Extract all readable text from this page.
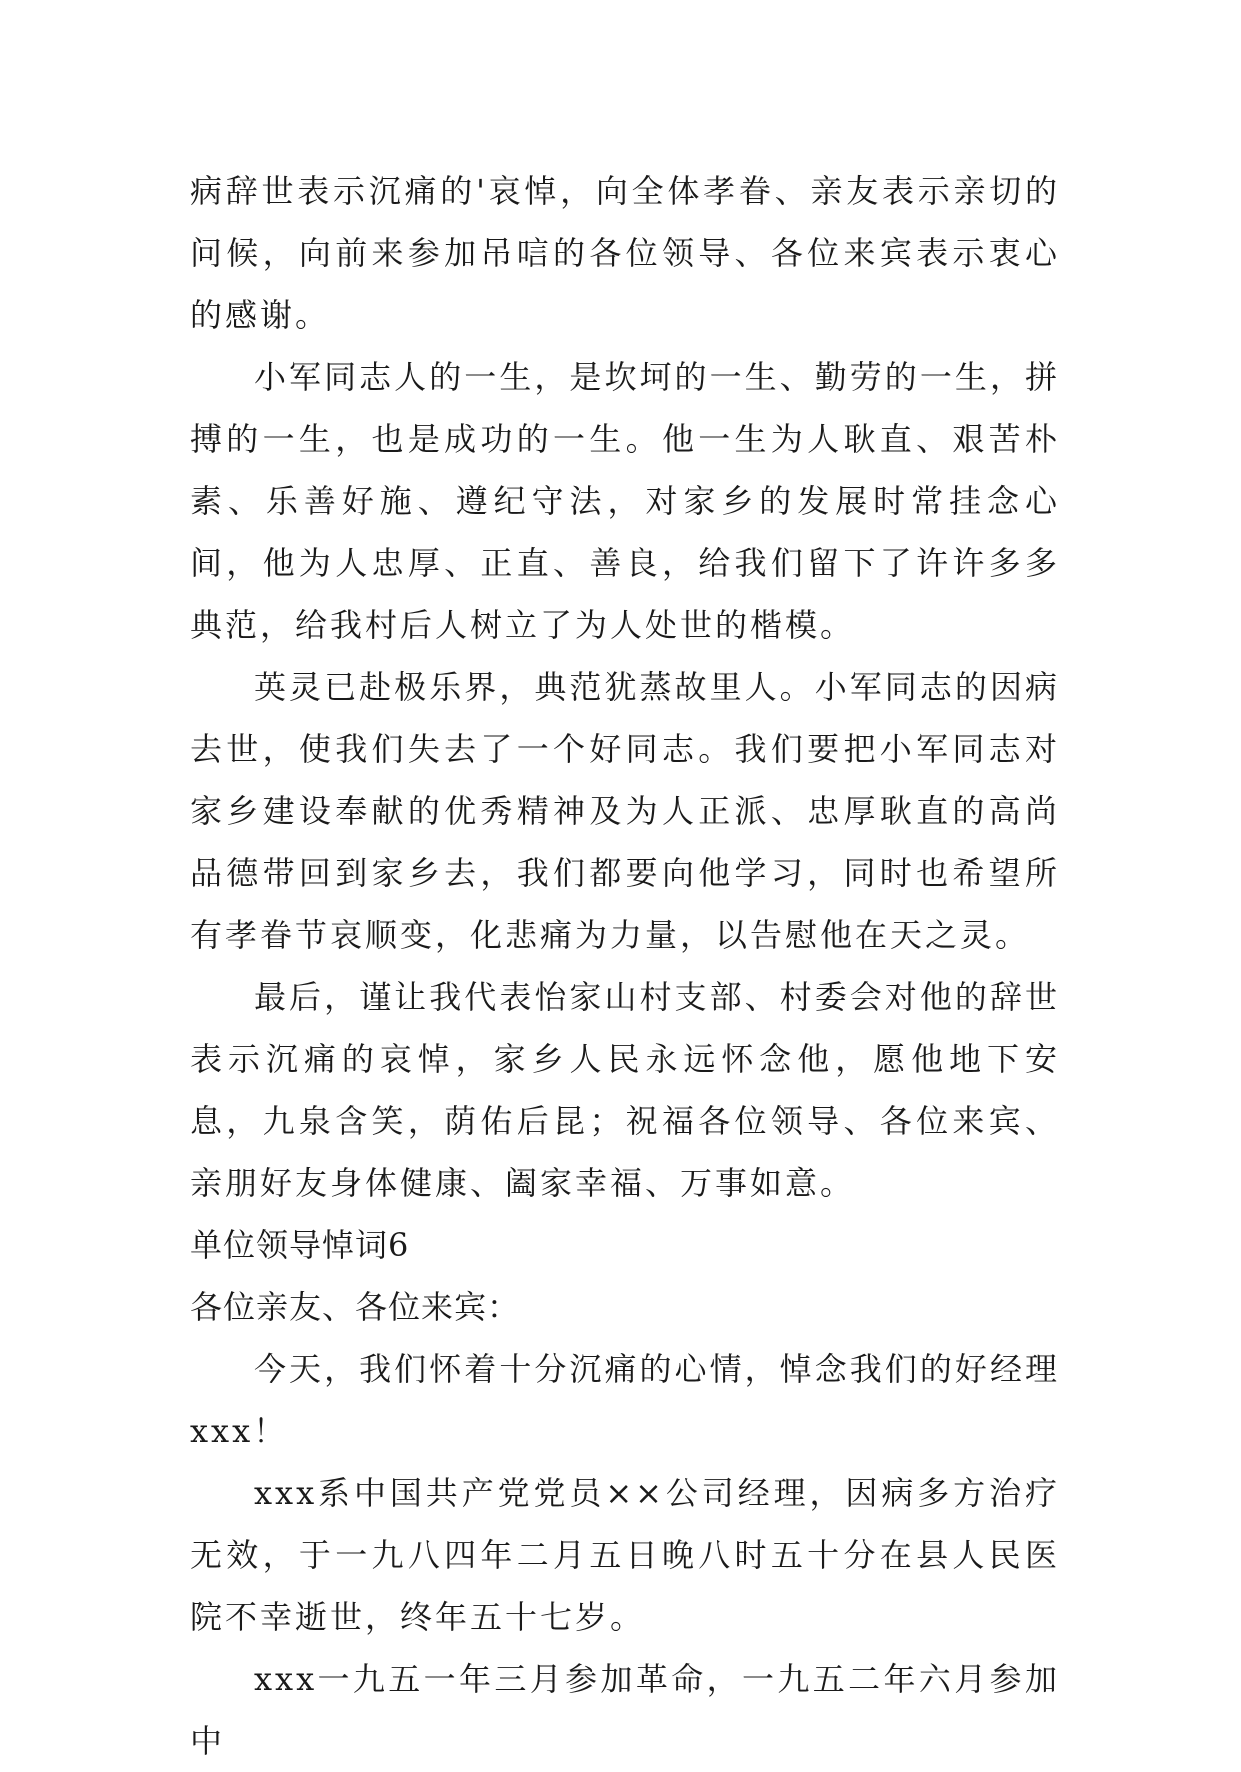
病辞世表示沉痛的'哀悼，向全体孝眷、亲友表示亲切的问候，向前来参加吊唁的各位领导、各位来宾表示衷心的感谢。

小军同志人的一生，是坎坷的一生、勤劳的一生，拼搏的一生，也是成功的一生。他一生为人耿直、艰苦朴素、乐善好施、遵纪守法，对家乡的发展时常挂念心间，他为人忠厚、正直、善良，给我们留下了许许多多典范，给我村后人树立了为人处世的楷模。

英灵已赴极乐界，典范犹蒸故里人。小军同志的因病去世，使我们失去了一个好同志。我们要把小军同志对家乡建设奉献的优秀精神及为人正派、忠厚耿直的高尚品德带回到家乡去，我们都要向他学习，同时也希望所有孝眷节哀顺变，化悲痛为力量，以告慰他在天之灵。

最后，谨让我代表怡家山村支部、村委会对他的辞世表示沉痛的哀悼，家乡人民永远怀念他，愿他地下安息，九泉含笑，荫佑后昆；祝福各位领导、各位来宾、亲朋好友身体健康、阖家幸福、万事如意。

单位领导悼词6

各位亲友、各位来宾：

今天，我们怀着十分沉痛的心情，悼念我们的好经理xxx！

xxx系中国共产党党员××公司经理，因病多方治疗无效，于一九八四年二月五日晚八时五十分在县人民医院不幸逝世，终年五十七岁。

xxx一九五一年三月参加革命，一九五二年六月参加中
